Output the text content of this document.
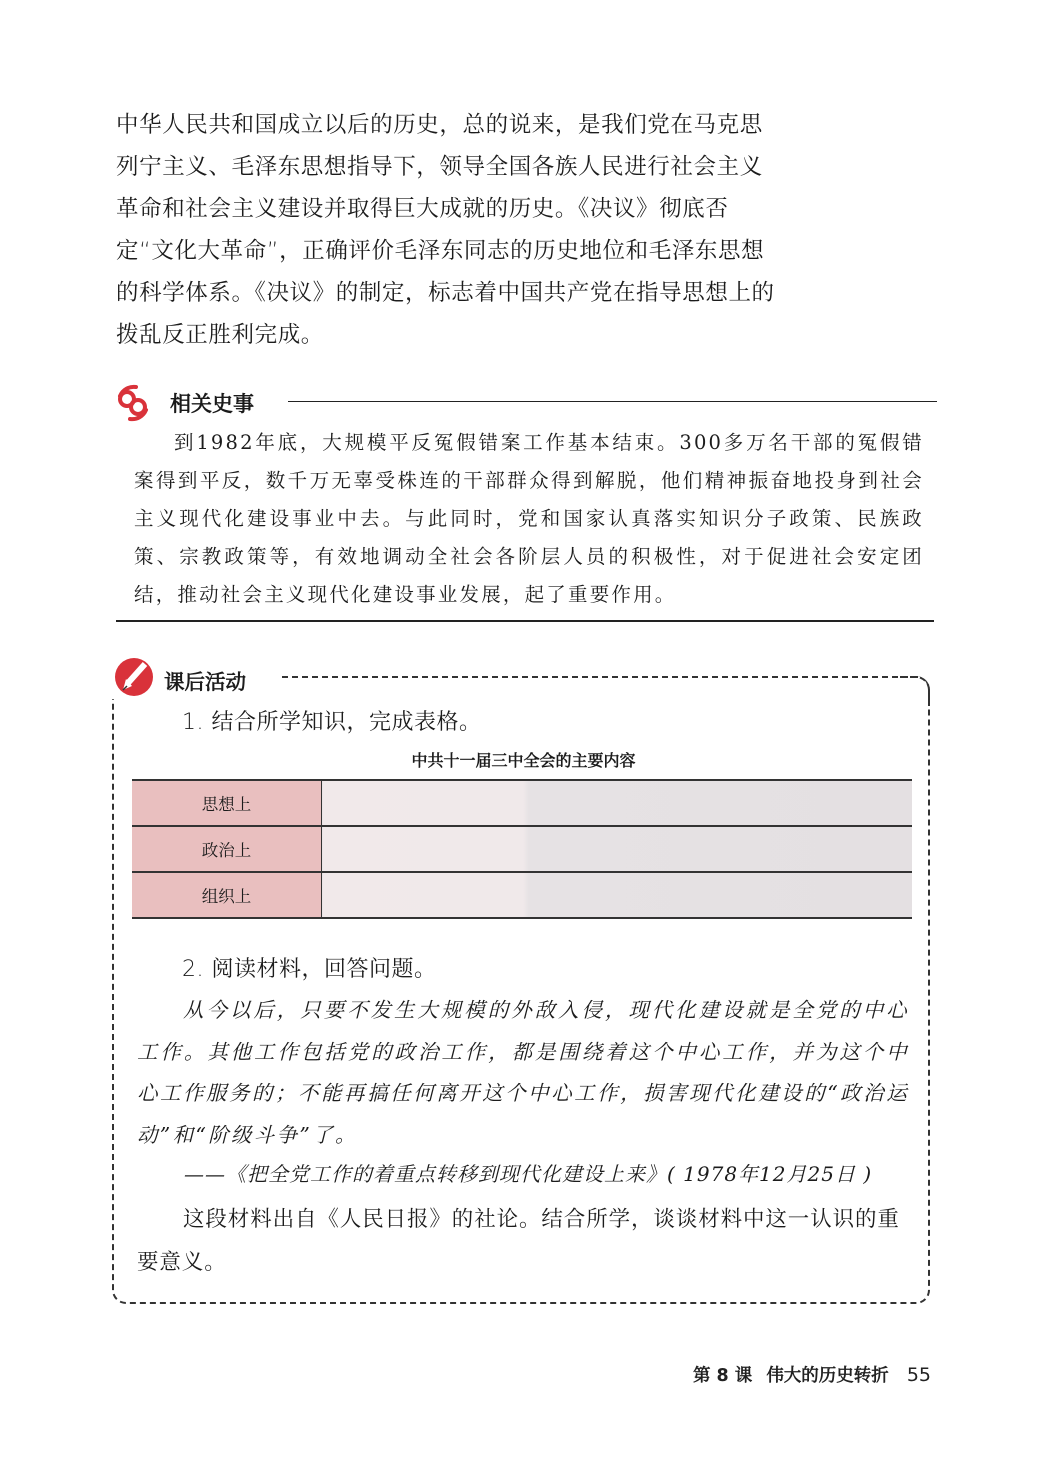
中华人民共和国成立以后的历史，总的说来，是我们党在马克思列宁主义、毛泽东思想指导下，领导全国各族人民进行社会主义革命和社会主义建设并取得巨大成就的历史。《决议》彻底否定“文化大革命”，正确评价毛泽东同志的历史地位和毛泽东思想的科学体系。《决议》的制定，标志着中国共产党在指导思想上的拨乱反正胜利完成。

相关史事

到1982年底，大规模平反冤假错案工作基本结束。300多万名干部的冤假错案得到平反，数千万无辜受株连的干部群众得到解脱，他们精神振奋地投身到社会主义现代化建设事业中去。与此同时，党和国家认真落实知识分子政策、民族政策、宗教政策等，有效地调动全社会各阶层人员的积极性，对于促进社会安定团结，推动社会主义现代化建设事业发展，起了重要作用。

课后活动
1. 结合所学知识，完成表格。
中共十一届三中全会的主要内容
思想上	
政治上	
组织上	
2. 阅读材料，回答问题。

从今以后，只要不发生大规模的外敌入侵，现代化建设就是全党的中心工作。其他工作包括党的政治工作，都是围绕着这个中心工作，并为这个中心工作服务的；不能再搞任何离开这个中心工作，损害现代化建设的“政治运动”和“阶级斗争”了。

——《把全党工作的着重点转移到现代化建设上来》( 1978年12月25日 )

这段材料出自《人民日报》的社论。结合所学，谈谈材料中这一认识的重要意义。

第 8 课 伟大的历史转折 55
